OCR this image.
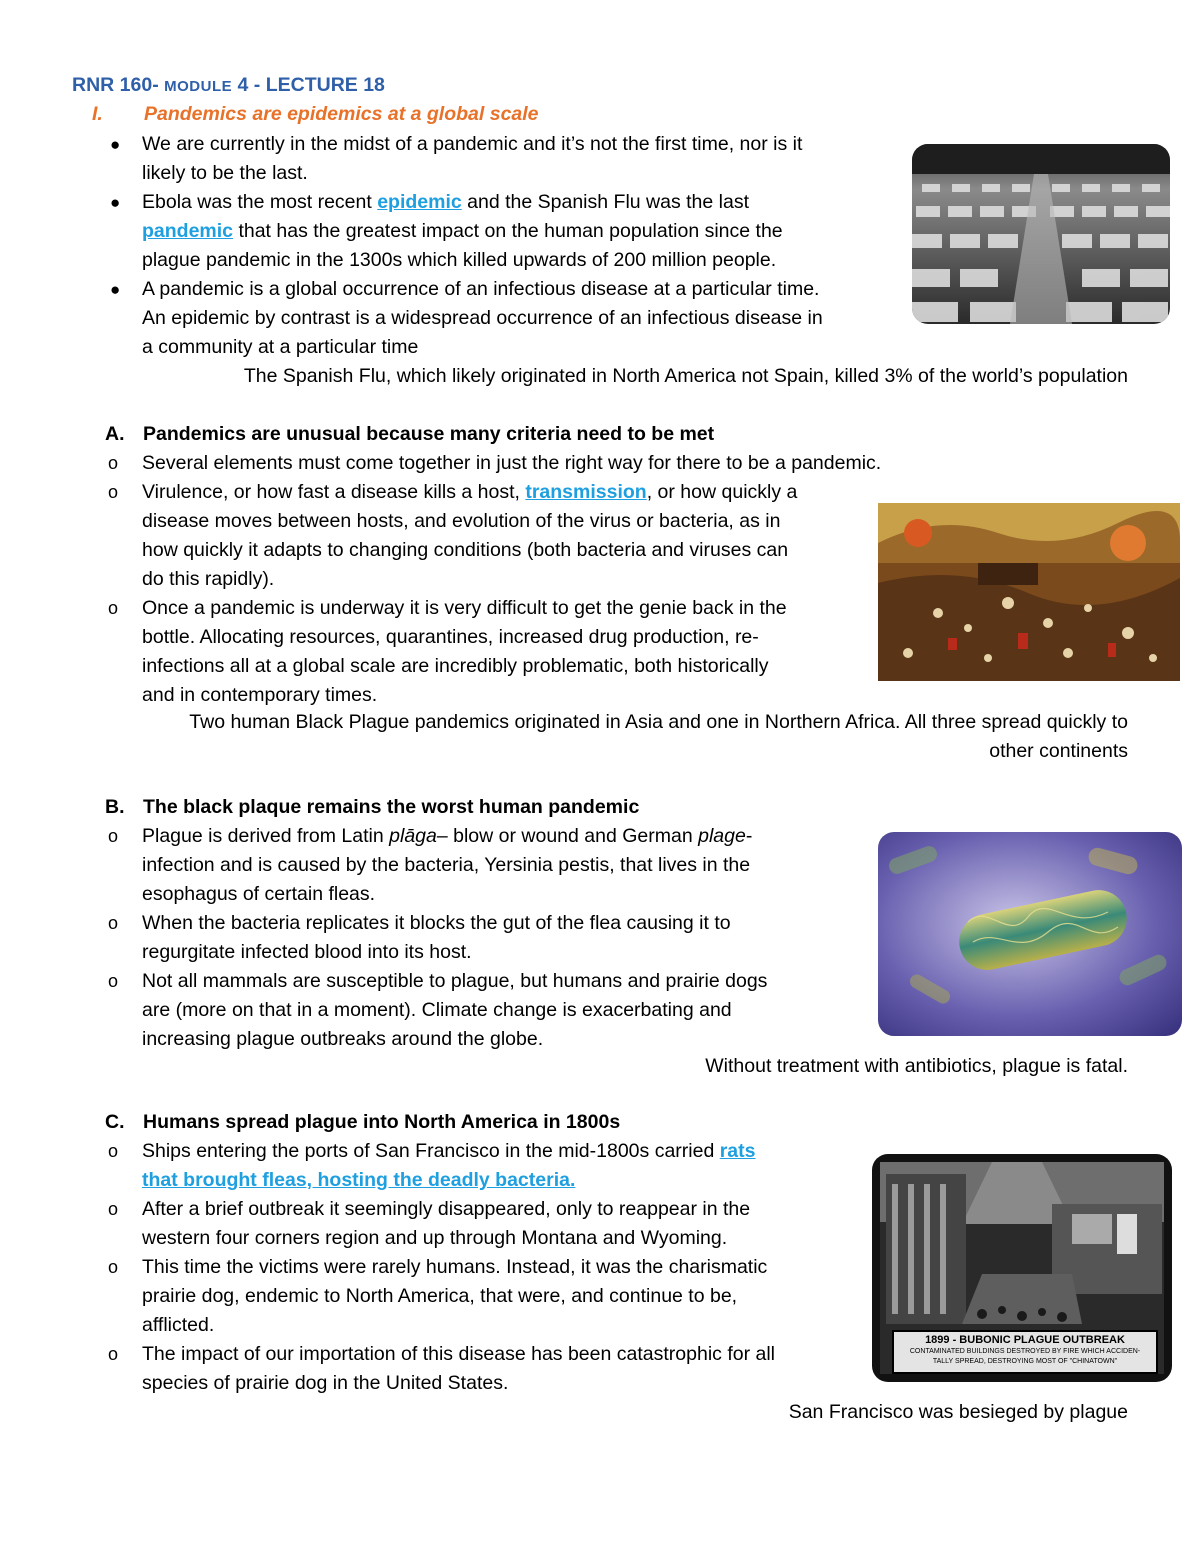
RNR 160- MODULE 4 - LECTURE 18
I. Pandemics are epidemics at a global scale
● We are currently in the midst of a pandemic and it’s not the first time, nor is it
likely to be the last.
● Ebola was the most recent epidemic and the Spanish Flu was the last
pandemic that has the greatest impact on the human population since the
plague pandemic in the 1300s which killed upwards of 200 million people.
● A pandemic is a global occurrence of an infectious disease at a particular time.
An epidemic by contrast is a widespread occurrence of an infectious disease in
a community at a particular time
The Spanish Flu, which likely originated in North America not Spain, killed 3% of the world’s population
A. Pandemics are unusual because many criteria need to be met
o Several elements must come together in just the right way for there to be a pandemic.
o Virulence, or how fast a disease kills a host, transmission, or how quickly a
disease moves between hosts, and evolution of the virus or bacteria, as in
how quickly it adapts to changing conditions (both bacteria and viruses can
do this rapidly).
o Once a pandemic is underway it is very difficult to get the genie back in the
bottle. Allocating resources, quarantines, increased drug production, re-
infections all at a global scale are incredibly problematic, both historically
and in contemporary times.
Two human Black Plague pandemics originated in Asia and one in Northern Africa. All three spread quickly to
other continents
B. The black plaque remains the worst human pandemic
o Plague is derived from Latin plāga– blow or wound and German plage-
infection and is caused by the bacteria, Yersinia pestis, that lives in the
esophagus of certain fleas.
o When the bacteria replicates it blocks the gut of the flea causing it to
regurgitate infected blood into its host.
o Not all mammals are susceptible to plague, but humans and prairie dogs
are (more on that in a moment). Climate change is exacerbating and
increasing plague outbreaks around the globe.
Without treatment with antibiotics, plague is fatal.
C. Humans spread plague into North America in 1800s
o Ships entering the ports of San Francisco in the mid-1800s carried rats
that brought fleas, hosting the deadly bacteria.
o After a brief outbreak it seemingly disappeared, only to reappear in the
western four corners region and up through Montana and Wyoming.
o This time the victims were rarely humans. Instead, it was the charismatic
prairie dog, endemic to North America, that were, and continue to be,
afflicted.
o The impact of our importation of this disease has been catastrophic for all
species of prairie dog in the United States.
San Francisco was besieged by plague
1899 - BUBONIC PLAGUE OUTBREAK
CONTAMINATED BUILDINGS DESTROYED BY FIRE WHICH ACCIDEN-
TALLY SPREAD, DESTROYING MOST OF "CHINATOWN"
